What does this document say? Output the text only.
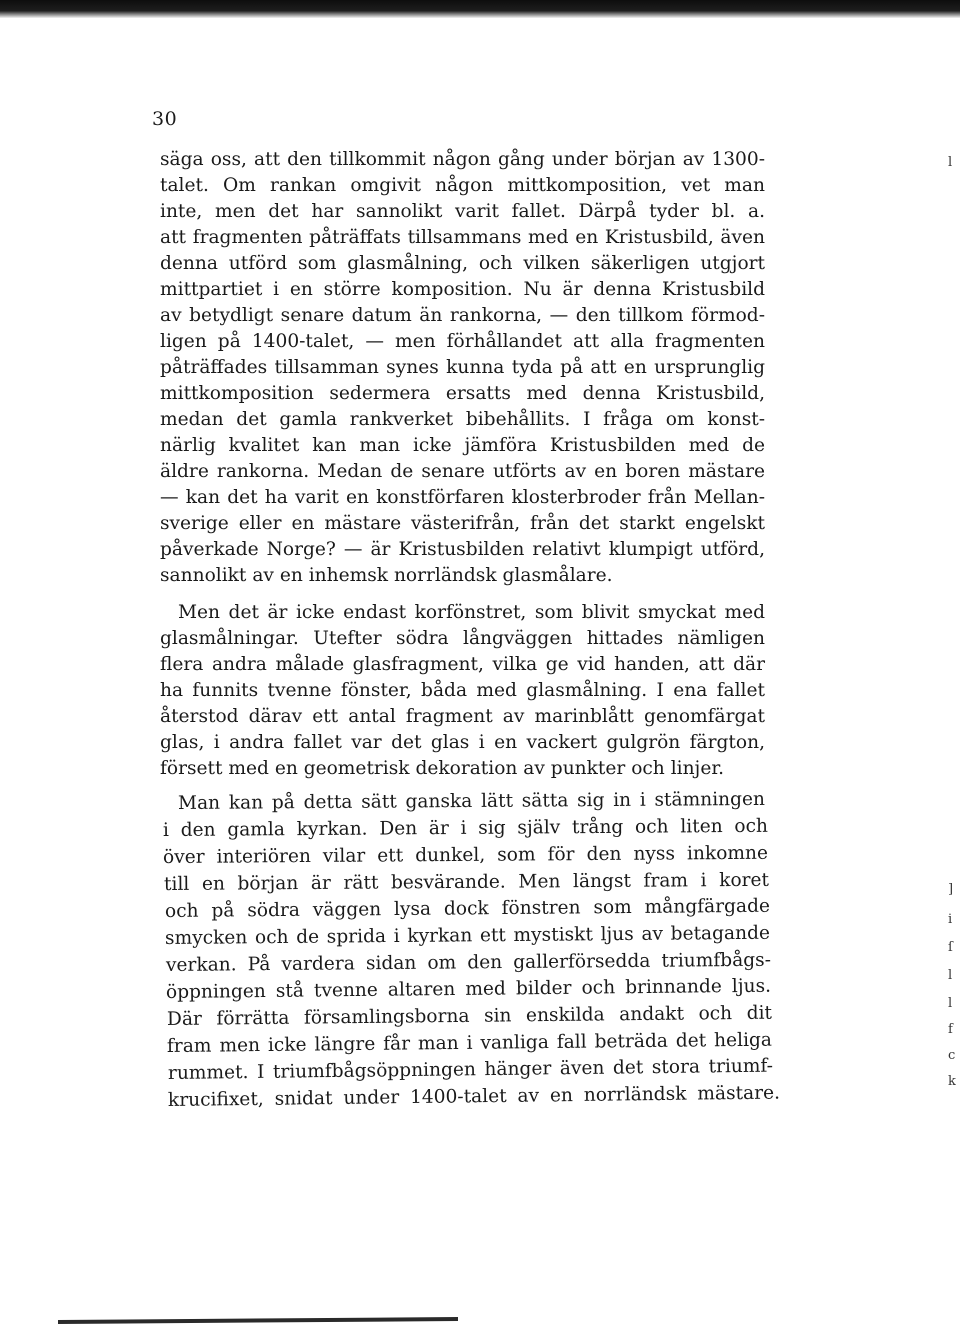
30
säga oss, att den tillkommit någon gång under början av 1300-
talet. Om rankan omgivit någon mittkomposition, vet man
inte, men det har sannolikt varit fallet. Därpå tyder bl. a.
att fragmenten påträffats tillsammans med en Kristusbild, även
denna utförd som glasmålning, och vilken säkerligen utgjort
mittpartiet i en större komposition. Nu är denna Kristusbild
av betydligt senare datum än rankorna, — den tillkom förmod-
ligen på 1400-talet, — men förhållandet att alla fragmenten
påträffades tillsamman synes kunna tyda på att en ursprunglig
mittkomposition sedermera ersatts med denna Kristusbild,
medan det gamla rankverket bibehållits. I fråga om konst-
närlig kvalitet kan man icke jämföra Kristusbilden med de
äldre rankorna. Medan de senare utförts av en boren mästare
— kan det ha varit en konstförfaren klosterbroder från Mellan-
sverige eller en mästare västerifrån, från det starkt engelskt
påverkade Norge? — är Kristusbilden relativt klumpigt utförd,
sannolikt av en inhemsk norrländsk glasmålare.
Men det är icke endast korfönstret, som blivit smyckat med
glasmålningar. Utefter södra långväggen hittades nämligen
flera andra målade glasfragment, vilka ge vid handen, att där
ha funnits tvenne fönster, båda med glasmålning. I ena fallet
återstod därav ett antal fragment av marinblått genomfärgat
glas, i andra fallet var det glas i en vackert gulgrön färgton,
försett med en geometrisk dekoration av punkter och linjer.
Man kan på detta sätt ganska lätt sätta sig in i stämningen
i den gamla kyrkan. Den är i sig själv trång och liten och
över interiören vilar ett dunkel, som för den nyss inkomne
till en början är rätt besvärande. Men längst fram i koret
och på södra väggen lysa dock fönstren som mångfärgade
smycken och de sprida i kyrkan ett mystiskt ljus av betagande
verkan. På vardera sidan om den gallerförsedda triumfbågs-
öppningen stå tvenne altaren med bilder och brinnande ljus.
Där förrätta församlingsborna sin enskilda andakt och dit
fram men icke längre får man i vanliga fall beträda det heliga
rummet. I triumfbågsöppningen hänger även det stora triumf-
krucifixet, snidat under 1400-talet av en norrländsk mästare.
l
]
i
ſ
l
l
f
c
k
